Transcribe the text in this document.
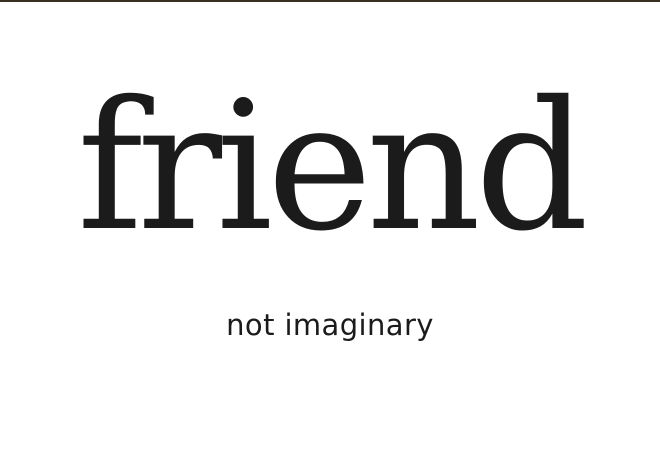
friend
not imaginary
